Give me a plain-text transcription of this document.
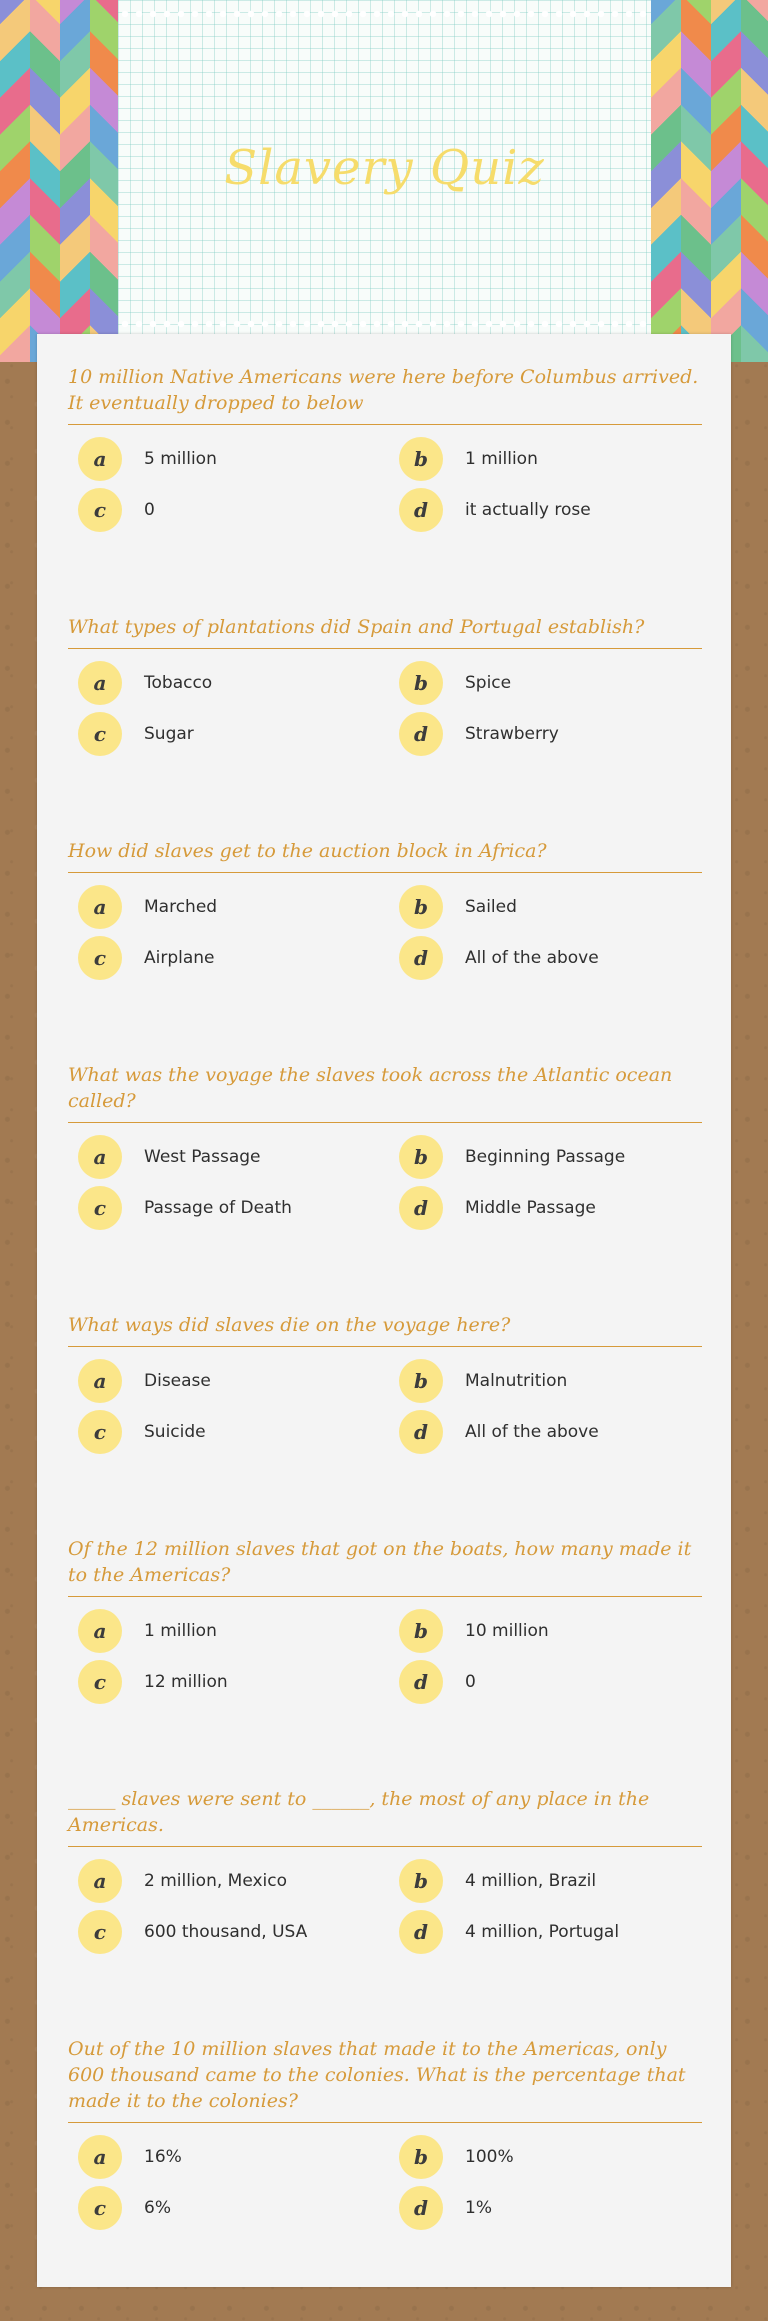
Slavery Quiz
10 million Native Americans were here before Columbus arrived. It eventually dropped to below
a	5 million	b	1 million
c	0	d	it actually rose
What types of plantations did Spain and Portugal establish?
a	Tobacco	b	Spice
c	Sugar	d	Strawberry
How did slaves get to the auction block in Africa?
a	Marched	b	Sailed
c	Airplane	d	All of the above
What was the voyage the slaves took across the Atlantic ocean called?
a	West Passage	b	Beginning Passage
c	Passage of Death	d	Middle Passage
What ways did slaves die on the voyage here?
a	Disease	b	Malnutrition
c	Suicide	d	All of the above
Of the 12 million slaves that got on the boats, how many made it to the Americas?
a	1 million	b	10 million
c	12 million	d	0
_____ slaves were sent to ______, the most of any place in the Americas.
a	2 million, Mexico	b	4 million, Brazil
c	600 thousand, USA	d	4 million, Portugal
Out of the 10 million slaves that made it to the Americas, only 600 thousand came to the colonies. What is the percentage that made it to the colonies?
a	16%	b	100%
c	6%	d	1%
